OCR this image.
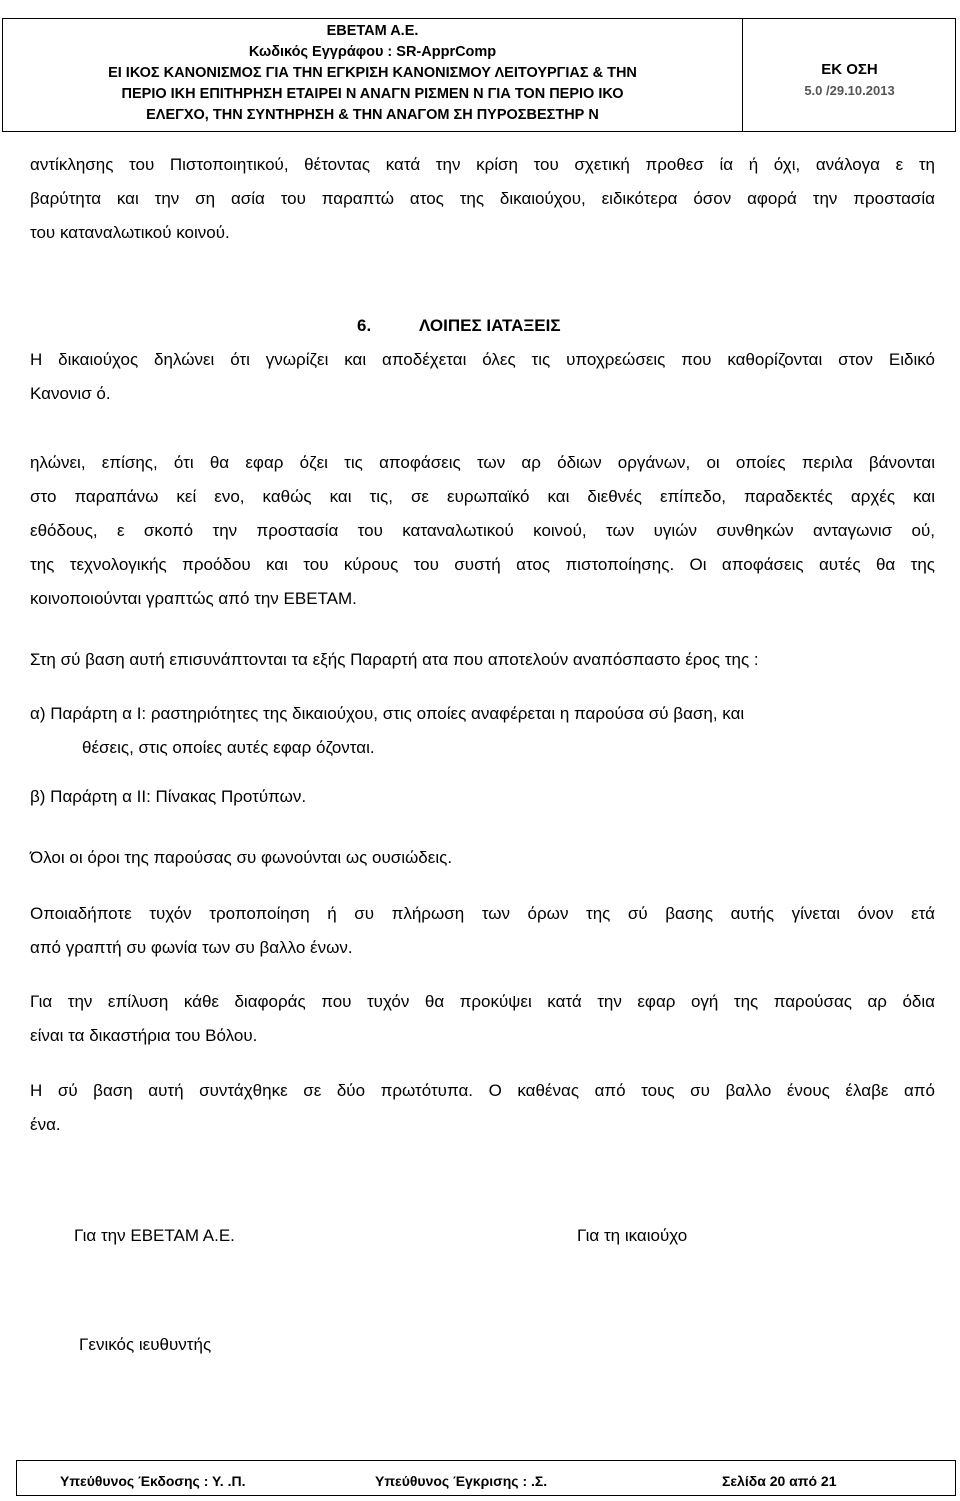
ΕΒΕΤΑΜ Α.Ε.
Κωδικός Εγγράφου : SR-ApprComp
ΕΙ ΙΚΟΣ ΚΑΝΟΝΙΣΜΟΣ ΓΙΑ ΤΗΝ ΕΓΚΡΙΣΗ ΚΑΝΟΝΙΣΜΟΥ ΛΕΙΤΟΥΡΓΙΑΣ & ΤΗΝ
ΠΕΡΙΟ ΙΚΗ ΕΠΙΤΗΡΗΣΗ ΕΤΑΙΡΕΙ Ν ΑΝΑΓΝ ΡΙΣΜΕΝ Ν ΓΙΑ ΤΟΝ ΠΕΡΙΟ ΙΚΟ
ΕΛΕΓΧΟ, ΤΗΝ ΣΥΝΤΗΡΗΣΗ & ΤΗΝ ΑΝΑΓΟΜ ΣΗ ΠΥΡΟΣΒΕΣΤΗΡ Ν
ΕΚ ΟΣΗ
5.0 /29.10.2013
αντίκλησης του Πιστοποιητικού, θέτοντας κατά την κρίση του σχετική προθεσ ία ή όχι, ανάλογα ε τη
βαρύτητα και την ση ασία του παραπτώ ατος της δικαιούχου, ειδικότερα όσον αφορά την προστασία
του καταναλωτικού κοινού.
6.	ΛΟΙΠΕΣ ΙΑΤΑΞΕΙΣ
Η δικαιούχος δηλώνει ότι γνωρίζει και αποδέχεται όλες τις υποχρεώσεις που καθορίζονται στον Ειδικό
Κανονισ ό.
ηλώνει, επίσης, ότι θα εφαρ όζει τις αποφάσεις των αρ όδιων οργάνων, οι οποίες περιλα βάνονται
στο παραπάνω κεί ενο, καθώς και τις, σε ευρωπαϊκό και διεθνές επίπεδο, παραδεκτές αρχές και
εθόδους, ε σκοπό την προστασία του καταναλωτικού κοινού, των υγιών συνθηκών ανταγωνισ ού,
της τεχνολογικής προόδου και του κύρους του συστή ατος πιστοποίησης. Οι αποφάσεις αυτές θα της
κοινοποιούνται γραπτώς από την ΕΒΕΤΑΜ.
Στη σύ βαση αυτή επισυνάπτονται τα εξής Παραρτή ατα που αποτελούν αναπόσπαστο έρος της :
α) Παράρτη α Ι: ραστηριότητες της δικαιούχου, στις οποίες αναφέρεται η παρούσα σύ βαση, και
θέσεις, στις οποίες αυτές εφαρ όζονται.
β) Παράρτη α ΙΙ: Πίνακας Προτύπων.
Όλοι οι όροι της παρούσας συ φωνούνται ως ουσιώδεις.
Οποιαδήποτε τυχόν τροποποίηση ή συ πλήρωση των όρων της σύ βασης αυτής γίνεται όνον ετά
από γραπτή συ φωνία των συ βαλλο ένων.
Για την επίλυση κάθε διαφοράς που τυχόν θα προκύψει κατά την εφαρ ογή της παρούσας αρ όδια
είναι τα δικαστήρια του Βόλου.
Η σύ βαση αυτή συντάχθηκε σε δύο πρωτότυπα. Ο καθένας από τους συ βαλλο ένους έλαβε από
ένα.
Για την ΕΒΕΤΑΜ Α.Ε.	Για τη ικαιούχο
Γενικός ιευθυντής
Υπεύθυνος Έκδοσης : Υ. .Π.	Υπεύθυνος Έγκρισης : .Σ.	Σελίδα 20 από 21
